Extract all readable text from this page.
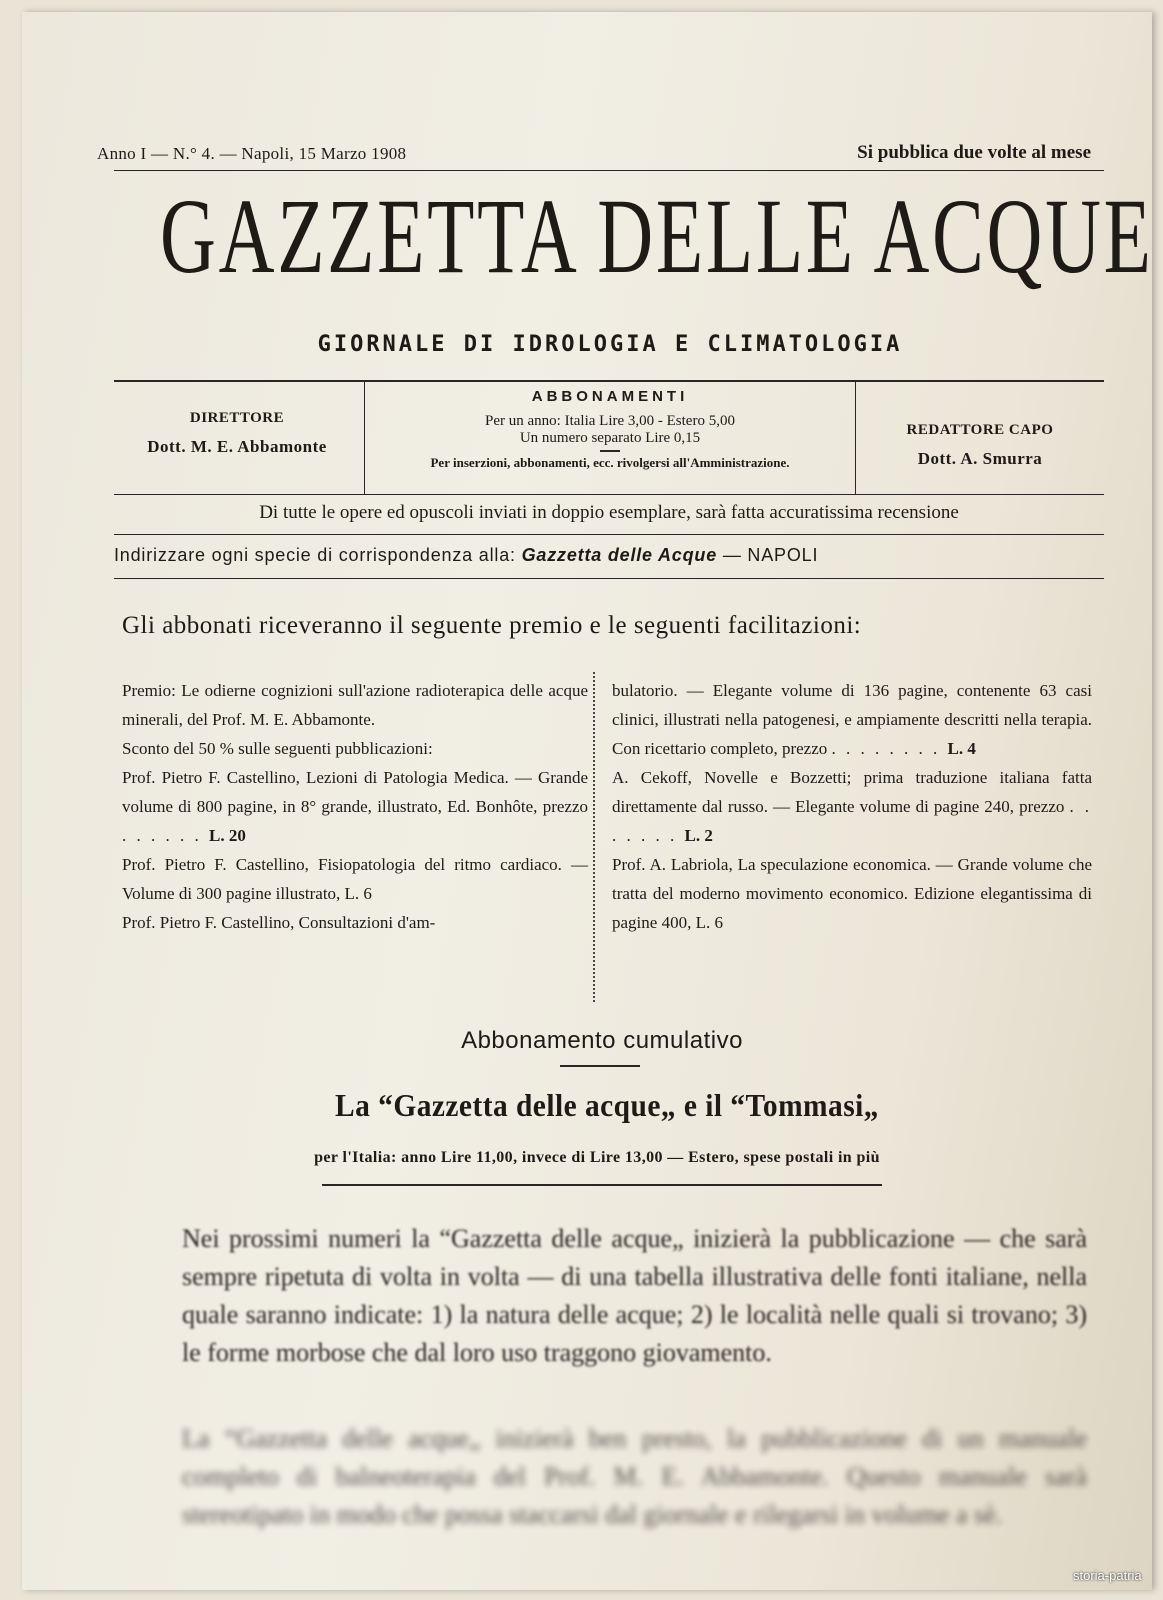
Anno I — N.° 4. — Napoli, 15 Marzo 1908	Si pubblica due volte al mese
GAZZETTA DELLE ACQUE
GIORNALE DI IDROLOGIA E CLIMATOLOGIA
DIRETTORE
Dott. M. E. Abbamonte
ABBONAMENTI
Per un anno: Italia Lire 3,00 - Estero 5,00
Un numero separato Lire 0,15
Per inserzioni, abbonamenti, ecc. rivolgersi all'Amministrazione.
REDATTORE CAPO
Dott. A. Smurra
Di tutte le opere ed opuscoli inviati in doppio esemplare, sarà fatta accuratissima recensione
Indirizzare ogni specie di corrispondenza alla: Gazzetta delle Acque — NAPOLI
Gli abbonati riceveranno il seguente premio e le seguenti facilitazioni:

Premio: Le odierne cognizioni sull'azione radioterapica delle acque minerali, del Prof. M. E. Abbamonte.

Sconto del 50 % sulle seguenti pubblicazioni:

Prof. Pietro F. Castellino, Lezioni di Patologia Medica. — Grande volume di 800 pagine, in 8° grande, illustrato, Ed. Bonhôte, prezzo . . . . . . L. 20

Prof. Pietro F. Castellino, Fisiopatologia del ritmo cardiaco. — Volume di 300 pagine illustrato, L. 6

Prof. Pietro F. Castellino, Consultazioni d'am-

bulatorio. — Elegante volume di 136 pagine, contenente 63 casi clinici, illustrati nella patogenesi, e ampiamente descritti nella terapia. Con ricettario completo, prezzo . . . . . . . . L. 4

A. Cekoff, Novelle e Bozzetti; prima traduzione italiana fatta direttamente dal russo. — Elegante volume di pagine 240, prezzo . . . . . . . L. 2

Prof. A. Labriola, La speculazione economica. — Grande volume che tratta del moderno movimento economico. Edizione elegantissima di pagine 400, L. 6

Abbonamento cumulativo
La “Gazzetta delle acque„ e il “Tommasi„
per l'Italia: anno Lire 11,00, invece di Lire 13,00 — Estero, spese postali in più
Nei prossimi numeri la “Gazzetta delle acque„ inizierà la pubblicazione — che sarà sempre ripetuta di volta in volta — di una tabella illustrativa delle fonti italiane, nella quale saranno indicate: 1) la natura delle acque; 2) le località nelle quali si trovano; 3) le forme morbose che dal loro uso traggono giovamento.
La “Gazzetta delle acque„ inizierà ben presto, la pubblicazione di un manuale completo di balneoterapia del Prof. M. E. Abbamonte. Questo manuale sarà stereotipato in modo che possa staccarsi dal giornale e rilegarsi in volume a sè.
storia-patria
